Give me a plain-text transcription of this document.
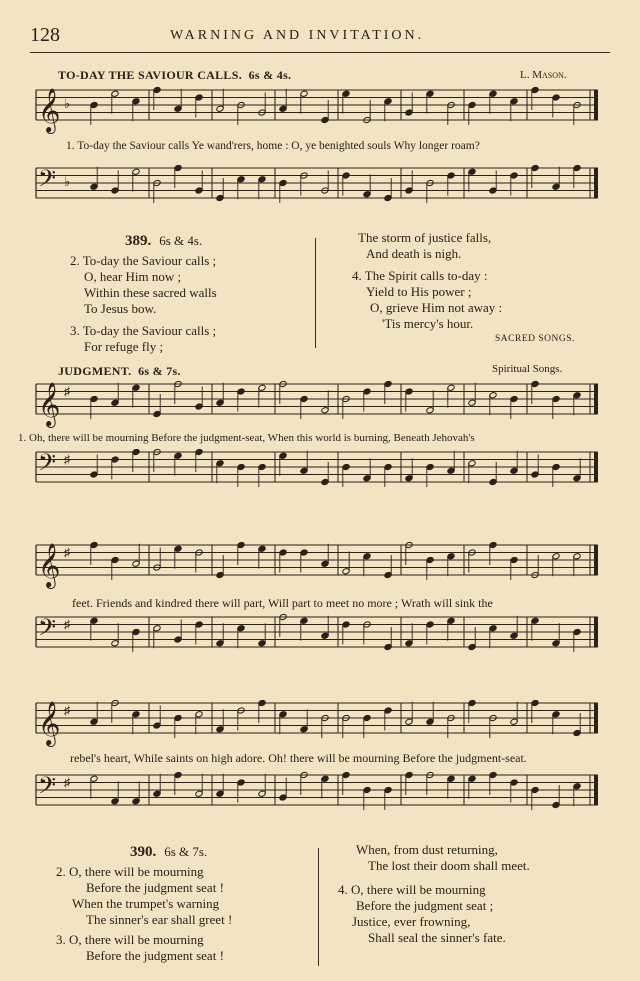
128	WARNING AND INVITATION.
TO-DAY THE SAVIOUR CALLS. 6s & 4s.	L. Mason.
𝄞 ♭
𝄢 ♭
1. To-day the Saviour calls Ye wand'rers, home : O, ye benighted souls Why longer roam?
389. 6s & 4s.
2. To-day the Saviour calls ;
O, hear Him now ;
Within these sacred walls
To Jesus bow.
3. To-day the Saviour calls ;
For refuge fly ;
The storm of justice falls,
And death is nigh.
4. The Spirit calls to-day :
Yield to His power ;
O, grieve Him not away :
'Tis mercy's hour.
SACRED SONGS.
JUDGMENT. 6s & 7s.	Spiritual Songs.
𝄞 ♯
𝄢 ♯
1. Oh, there will be mourning Before the judgment-seat, When this world is burning, Beneath Jehovah's
𝄞 ♯
𝄢 ♯
feet. Friends and kindred there will part, Will part to meet no more ; Wrath will sink the
𝄞 ♯
𝄢 ♯
rebel's heart, While saints on high adore. Oh! there will be mourning Before the judgment-seat.
390. 6s & 7s.
2. O, there will be mourning
Before the judgment seat !
When the trumpet's warning
The sinner's ear shall greet !
3. O, there will be mourning
Before the judgment seat !
When, from dust returning,
The lost their doom shall meet.
4. O, there will be mourning
Before the judgment seat ;
Justice, ever frowning,
Shall seal the sinner's fate.
